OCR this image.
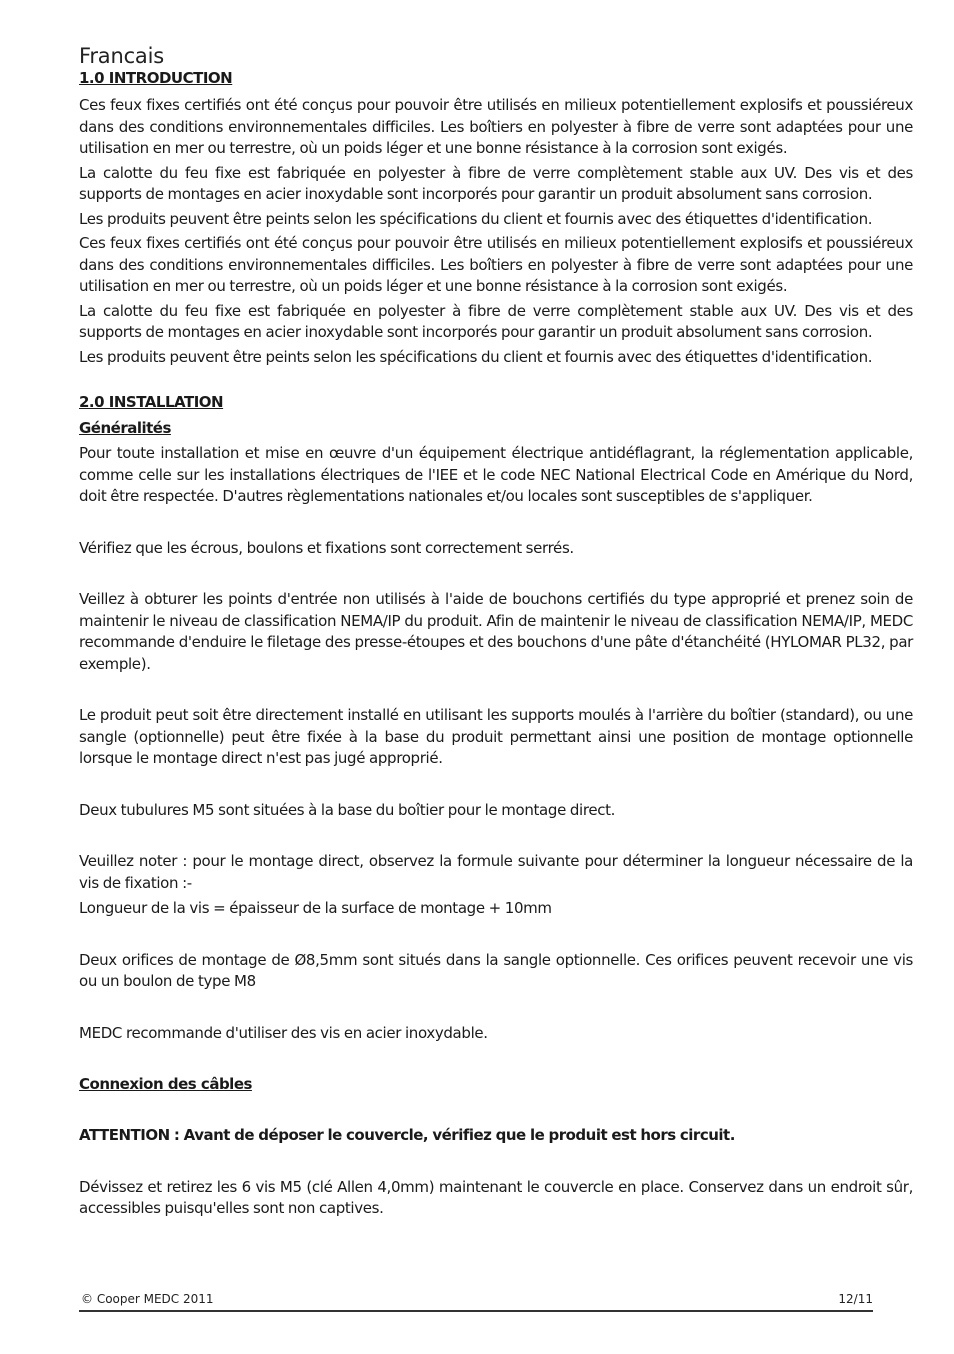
Francais
1.0 INTRODUCTION

Ces feux fixes certifiés ont été conçus pour pouvoir être utilisés en milieux potentiellement explosifs et poussiéreux dans des conditions environnementales difficiles. Les boîtiers en polyester à fibre de verre sont adaptées pour une utilisation en mer ou terrestre, où un poids léger et une bonne résistance à la corrosion sont exigés.

La calotte du feu fixe est fabriquée en polyester à fibre de verre complètement stable aux UV. Des vis et des supports de montages en acier inoxydable sont incorporés pour garantir un produit absolument sans corrosion.

Les produits peuvent être peints selon les spécifications du client et fournis avec des étiquettes d'identification.

Ces feux fixes certifiés ont été conçus pour pouvoir être utilisés en milieux potentiellement explosifs et poussiéreux dans des conditions environnementales difficiles. Les boîtiers en polyester à fibre de verre sont adaptées pour une utilisation en mer ou terrestre, où un poids léger et une bonne résistance à la corrosion sont exigés.

La calotte du feu fixe est fabriquée en polyester à fibre de verre complètement stable aux UV. Des vis et des supports de montages en acier inoxydable sont incorporés pour garantir un produit absolument sans corrosion.

Les produits peuvent être peints selon les spécifications du client et fournis avec des étiquettes d'identification.

2.0 INSTALLATION
Généralités

Pour toute installation et mise en œuvre d'un équipement électrique antidéflagrant, la réglementation applicable, comme celle sur les installations électriques de l'IEE et le code NEC National Electrical Code en Amérique du Nord, doit être respectée. D'autres règlementations nationales et/ou locales sont susceptibles de s'appliquer.

Vérifiez que les écrous, boulons et fixations sont correctement serrés.

Veillez à obturer les points d'entrée non utilisés à l'aide de bouchons certifiés du type approprié et prenez soin de maintenir le niveau de classification NEMA/IP du produit. Afin de maintenir le niveau de classification NEMA/IP, MEDC recommande d'enduire le filetage des presse-étoupes et des bouchons d'une pâte d'étanchéité (HYLOMAR PL32, par exemple).

Le produit peut soit être directement installé en utilisant les supports moulés à l'arrière du boîtier (standard), ou une sangle (optionnelle) peut être fixée à la base du produit permettant ainsi une position de montage optionnelle lorsque le montage direct n'est pas jugé approprié.

Deux tubulures M5 sont situées à la base du boîtier pour le montage direct.

Veuillez noter : pour le montage direct, observez la formule suivante pour déterminer la longueur nécessaire de la vis de fixation :-

Longueur de la vis = épaisseur de la surface de montage + 10mm

Deux orifices de montage de Ø8,5mm sont situés dans la sangle optionnelle. Ces orifices peuvent recevoir une vis ou un boulon de type M8

MEDC recommande d'utiliser des vis en acier inoxydable.

Connexion des câbles

ATTENTION : Avant de déposer le couvercle, vérifiez que le produit est hors circuit.

Dévissez et retirez les 6 vis M5 (clé Allen 4,0mm) maintenant le couvercle en place. Conservez dans un endroit sûr, accessibles puisqu'elles sont non captives.

© Cooper MEDC 2011	12/11
